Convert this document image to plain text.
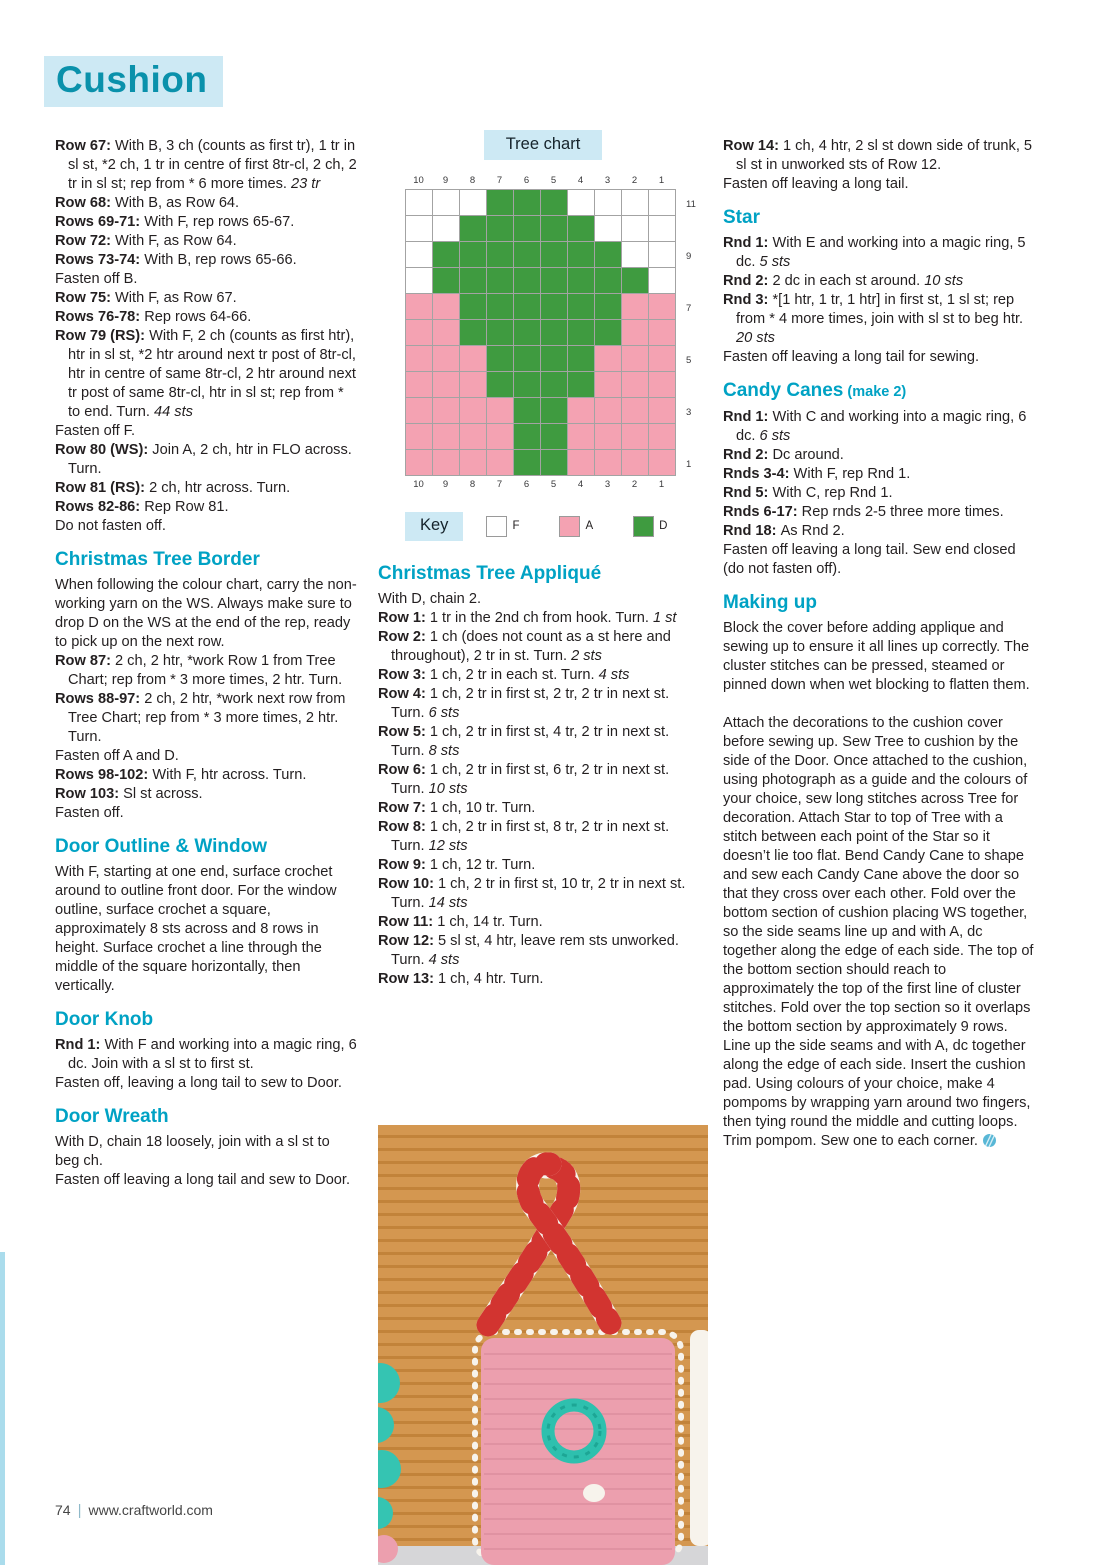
Cushion

Row 67: With B, 3 ch (counts as first tr), 1 tr in sl st, *2 ch, 1 tr in centre of first 8tr-cl, 2 ch, 2 tr in sl st; rep from * 6 more times. 23 tr

Row 68: With B, as Row 64.

Rows 69-71: With F, rep rows 65-67.

Row 72: With F, as Row 64.

Rows 73-74: With B, rep rows 65-66.

Fasten off B.

Row 75: With F, as Row 67.

Rows 76-78: Rep rows 64-66.

Row 79 (RS): With F, 2 ch (counts as first htr), htr in sl st, *2 htr around next tr post of 8tr-cl, htr in centre of same 8tr-cl, 2 htr around next tr post of same 8tr-cl, htr in sl st; rep from * to end. Turn. 44 sts

Fasten off F.

Row 80 (WS): Join A, 2 ch, htr in FLO across. Turn.

Row 81 (RS): 2 ch, htr across. Turn.

Rows 82-86: Rep Row 81.

Do not fasten off.

Christmas Tree Border

When following the colour chart, carry the non-working yarn on the WS. Always make sure to drop D on the WS at the end of the rep, ready to pick up on the next row.

Row 87: 2 ch, 2 htr, *work Row 1 from Tree Chart; rep from * 3 more times, 2 htr. Turn.

Rows 88-97: 2 ch, 2 htr, *work next row from Tree Chart; rep from * 3 more times, 2 htr. Turn.

Fasten off A and D.

Rows 98-102: With F, htr across. Turn.

Row 103: Sl st across.

Fasten off.

Door Outline & Window

With F, starting at one end, surface crochet around to outline front door. For the window outline, surface crochet a square, approximately 8 sts across and 8 rows in height. Surface crochet a line through the middle of the square horizontally, then vertically.

Door Knob

Rnd 1: With F and working into a magic ring, 6 dc. Join with a sl st to first st.

Fasten off, leaving a long tail to sew to Door.

Door Wreath

With D, chain 18 loosely, join with a sl st to beg ch.

Fasten off leaving a long tail and sew to Door.

Tree chart
10	9	8	7	6	5	4	3	2	1
10	9	8	7	6	5	4	3	2	1
11
9
7
5
3
1
Key	F	A	D
Christmas Tree Appliqué

With D, chain 2.

Row 1: 1 tr in the 2nd ch from hook. Turn. 1 st

Row 2: 1 ch (does not count as a st here and throughout), 2 tr in st. Turn. 2 sts

Row 3: 1 ch, 2 tr in each st. Turn. 4 sts

Row 4: 1 ch, 2 tr in first st, 2 tr, 2 tr in next st. Turn. 6 sts

Row 5: 1 ch, 2 tr in first st, 4 tr, 2 tr in next st. Turn. 8 sts

Row 6: 1 ch, 2 tr in first st, 6 tr, 2 tr in next st. Turn. 10 sts

Row 7: 1 ch, 10 tr. Turn.

Row 8: 1 ch, 2 tr in first st, 8 tr, 2 tr in next st. Turn. 12 sts

Row 9: 1 ch, 12 tr. Turn.

Row 10: 1 ch, 2 tr in first st, 10 tr, 2 tr in next st. Turn. 14 sts

Row 11: 1 ch, 14 tr. Turn.

Row 12: 5 sl st, 4 htr, leave rem sts unworked. Turn. 4 sts

Row 13: 1 ch, 4 htr. Turn.

Row 14: 1 ch, 4 htr, 2 sl st down side of trunk, 5 sl st in unworked sts of Row 12.

Fasten off leaving a long tail.

Star

Rnd 1: With E and working into a magic ring, 5 dc. 5 sts

Rnd 2: 2 dc in each st around. 10 sts

Rnd 3: *[1 htr, 1 tr, 1 htr] in first st, 1 sl st; rep from * 4 more times, join with sl st to beg htr. 20 sts

Fasten off leaving a long tail for sewing.

Candy Canes (make 2)

Rnd 1: With C and working into a magic ring, 6 dc. 6 sts

Rnd 2: Dc around.

Rnds 3-4: With F, rep Rnd 1.

Rnd 5: With C, rep Rnd 1.

Rnds 6-17: Rep rnds 2-5 three more times.

Rnd 18: As Rnd 2.

Fasten off leaving a long tail. Sew end closed (do not fasten off).

Making up

Block the cover before adding applique and sewing up to ensure it all lines up correctly. The cluster stitches can be pressed, steamed or pinned down when wet blocking to flatten them.

Attach the decorations to the cushion cover before sewing up. Sew Tree to cushion by the side of the Door. Once attached to the cushion, using photograph as a guide and the colours of your choice, sew long stitches across Tree for decoration. Attach Star to top of Tree with a stitch between each point of the Star so it doesn’t lie too flat. Bend Candy Cane to shape and sew each Candy Cane above the door so that they cross over each other. Fold over the bottom section of cushion placing WS together, so the side seams line up and with A, dc together along the edge of each side. The top of the bottom section should reach to approximately the top of the first line of cluster stitches. Fold over the top section so it overlaps the bottom section by approximately 9 rows. Line up the side seams and with A, dc together along the edge of each side. Insert the cushion pad. Using colours of your choice, make 4 pompoms by wrapping yarn around two fingers, then tying round the middle and cutting loops. Trim pompom. Sew one to each corner.

74 | www.craftworld.com
